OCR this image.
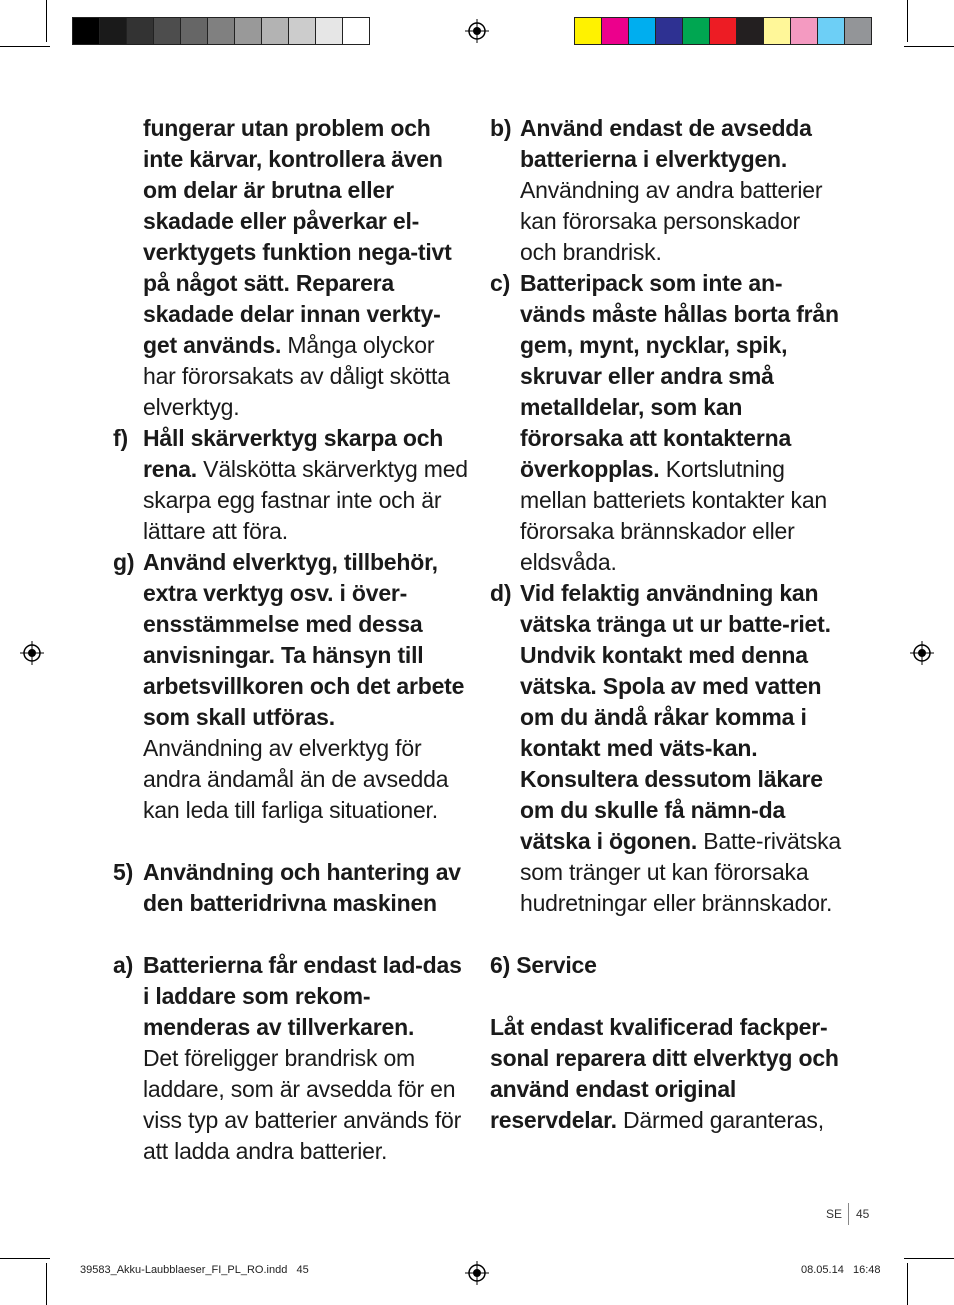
fungerar utan problem och inte kärvar, kontrollera även om delar är brutna eller skadade eller påverkar el-verktygets funktion nega-tivt på något sätt. Reparera skadade delar innan verkty-get används. Många olyckor har förorsakats av dåligt skötta elverktyg.
f) Håll skärverktyg skarpa och rena. Välskötta skärverktyg med skarpa egg fastnar inte och är lättare att föra.
g) Använd elverktyg, tillbehör, extra verktyg osv. i över-ensstämmelse med dessa anvisningar. Ta hänsyn till arbetsvillkoren och det arbete som skall utföras.
Användning av elverktyg för andra ändamål än de avsedda kan leda till farliga situationer.
5) Användning och hantering av den batteridrivna maskinen
a) Batterierna får endast lad-das i laddare som rekom-menderas av tillverkaren.
Det föreligger brandrisk om laddare, som är avsedda för en viss typ av batterier används för att ladda andra batterier.
b) Använd endast de avsedda batterierna i elverktygen.
Användning av andra batterier kan förorsaka personskador och brandrisk.
c) Batteripack som inte an-vänds måste hållas borta från gem, mynt, nycklar, spik, skruvar eller andra små metalldelar, som kan förorsaka att kontakterna överkopplas. Kortslutning mellan batteriets kontakter kan förorsaka brännskador eller eldsvåda.
d) Vid felaktig användning kan vätska tränga ut ur batte-riet. Undvik kontakt med denna vätska. Spola av med vatten om du ändå råkar komma i kontakt med väts-kan. Konsultera dessutom läkare om du skulle få nämn-da vätska i ögonen. Batte-rivätska som tränger ut kan förorsaka hudretningar eller brännskador.
6) Service
Låt endast kvalificerad fackper-sonal reparera ditt elverktyg och använd endast original reservdelar. Därmed garanteras,
SE 45
39583_Akku-Laubblaeser_FI_PL_RO.indd   45	08.05.14   16:48
